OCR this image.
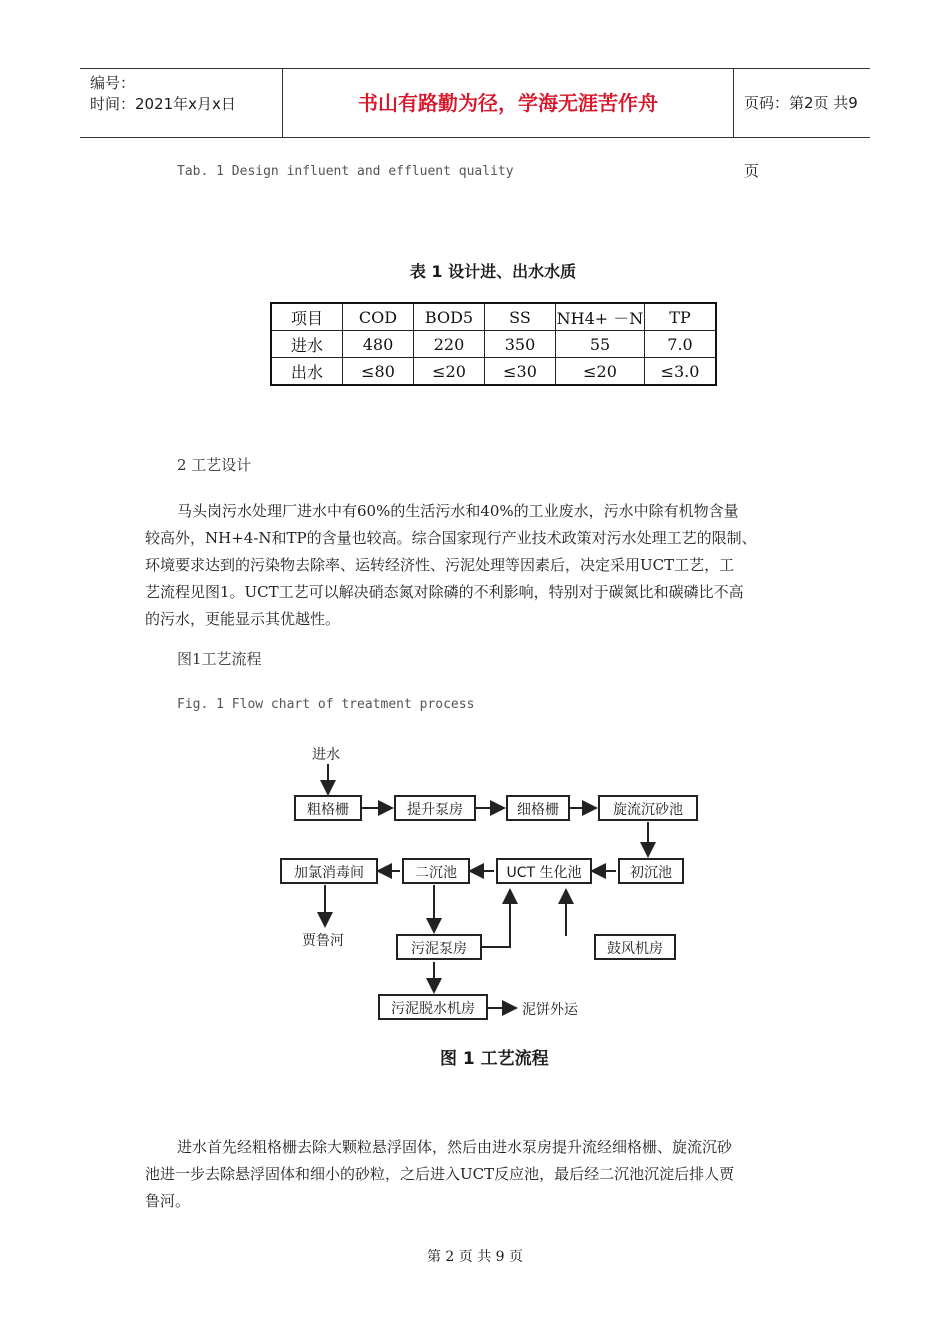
编号：
时间：2021年x月x日	书山有路勤为径，学海无涯苦作舟	页码：第2页 共9页
Tab. 1 Design influent and effluent quality
表 1 设计进、出水水质
项目	COD	BOD5	SS	NH4+ －N	TP
进水	480	220	350	55	7.0
出水	≤80	≤20	≤30	≤20	≤3.0
2 工艺设计
马头岗污水处理厂进水中有60%的生活污水和40%的工业废水，污水中除有机物含量
较高外，NH+4-N和TP的含量也较高。综合国家现行产业技术政策对污水处理工艺的限制、
环境要求达到的污染物去除率、运转经济性、污泥处理等因素后，决定采用UCT工艺，工
艺流程见图1。UCT工艺可以解决硝态氮对除磷的不利影响，特别对于碳氮比和碳磷比不高
的污水，更能显示其优越性。
图1工艺流程
Fig. 1 Flow chart of treatment process
进水
粗格栅	提升泵房	细格栅	旋流沉砂池
初沉池
UCT 生化池
二沉池
加氯消毒间
贾鲁河	污泥泵房	鼓风机房
污泥脱水机房	泥饼外运
图 1 工艺流程
进水首先经粗格栅去除大颗粒悬浮固体，然后由进水泵房提升流经细格栅、旋流沉砂
池进一步去除悬浮固体和细小的砂粒，之后进入UCT反应池，最后经二沉池沉淀后排人贾
鲁河。
第 2 页 共 9 页
